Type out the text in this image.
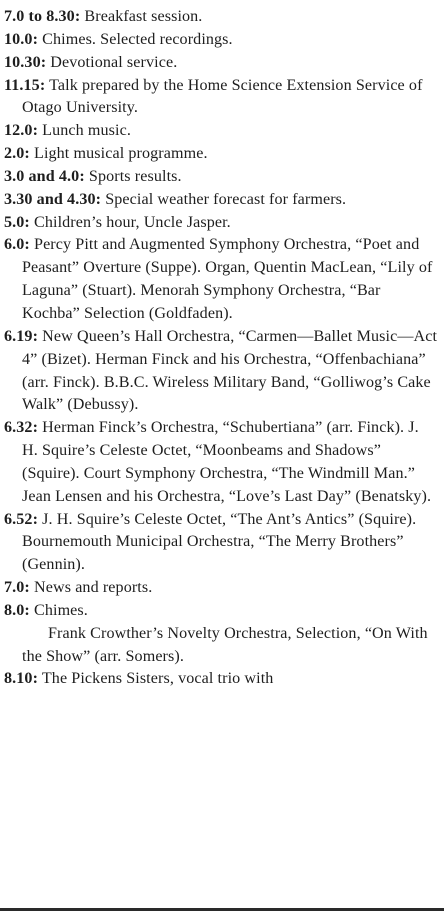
7.0 to 8.30: Breakfast session.

10.0: Chimes. Selected recordings.

10.30: Devotional service.

11.15: Talk prepared by the Home Science Extension Service of Otago University.

12.0: Lunch music.

2.0: Light musical programme.

3.0 and 4.0: Sports results.

3.30 and 4.30: Special weather forecast for farmers.

5.0: Children’s hour, Uncle Jasper.

6.0: Percy Pitt and Augmented Symphony Orchestra, “Poet and Peasant” Overture (Suppe). Organ, Quentin MacLean, “Lily of Laguna” (Stuart). Menorah Symphony Orchestra, “Bar Kochba” Selection (Goldfaden).

6.19: New Queen’s Hall Orchestra, “Carmen—Ballet Music—Act 4” (Bizet). Herman Finck and his Orchestra, “Offenbachiana” (arr. Finck). B.B.C. Wireless Military Band, “Golliwog’s Cake Walk” (Debussy).

6.32: Herman Finck’s Orchestra, “Schubertiana” (arr. Finck). J. H. Squire’s Celeste Octet, “Moonbeams and Shadows” (Squire). Court Symphony Orchestra, “The Windmill Man.” Jean Lensen and his Orchestra, “Love’s Last Day” (Benatsky).

6.52: J. H. Squire’s Celeste Octet, “The Ant’s Antics” (Squire). Bournemouth Municipal Orchestra, “The Merry Brothers” (Gennin).

7.0: News and reports.

8.0: Chimes.

Frank Crowther’s Novelty Orchestra, Selection, “On With the Show” (arr. Somers).

8.10: The Pickens Sisters, vocal trio with
